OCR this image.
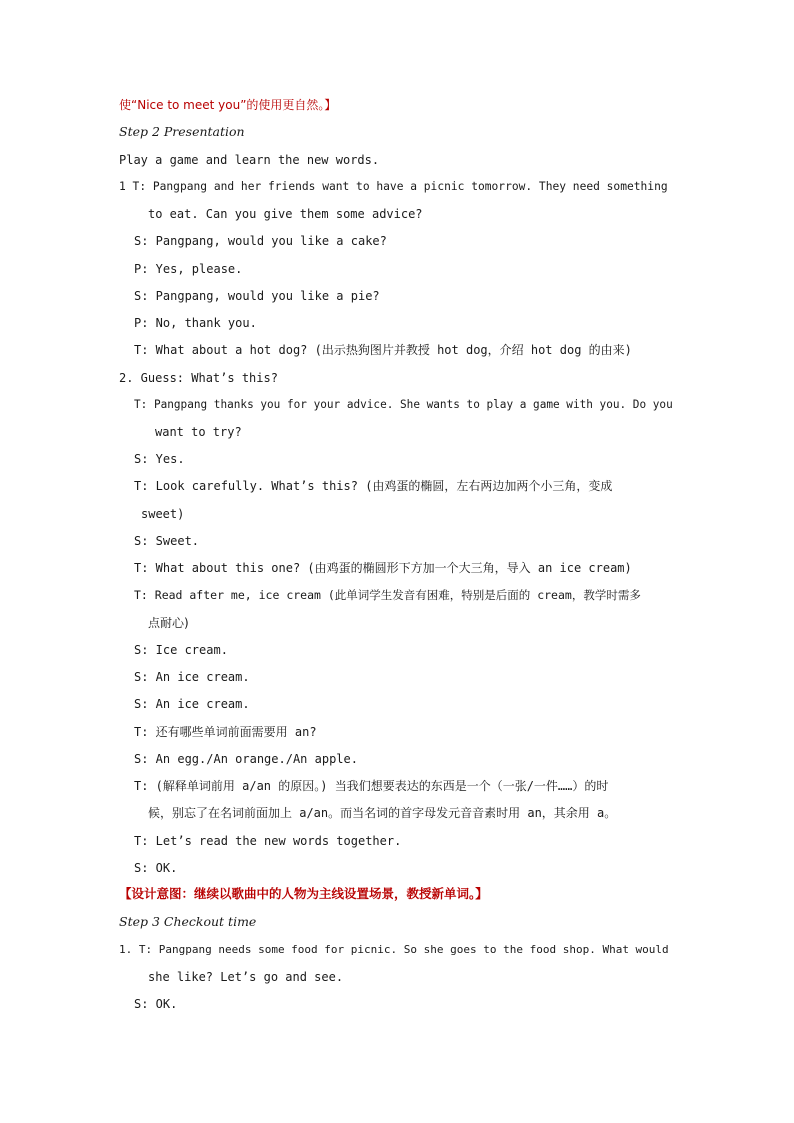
使“Nice to meet you”的使用更自然。】
Step 2 Presentation
Play a game and learn the new words.
1 T: Pangpang and her friends want to have a picnic tomorrow. They need something
to eat. Can you give them some advice?
S: Pangpang, would you like a cake?
P: Yes, please.
S: Pangpang, would you like a pie?
P: No, thank you.
T: What about a hot dog? (出示热狗图片并教授 hot dog，介绍 hot dog 的由来)
2. Guess: What’s this?
T: Pangpang thanks you for your advice. She wants to play a game with you. Do you
want to try?
S: Yes.
T: Look carefully. What’s this? (由鸡蛋的椭圆，左右两边加两个小三角，变成
sweet)
S: Sweet.
T: What about this one? (由鸡蛋的椭圆形下方加一个大三角，导入 an ice cream)
T: Read after me, ice cream (此单词学生发音有困难，特别是后面的 cream，教学时需多
点耐心)
S: Ice cream.
S: An ice cream.
S: An ice cream.
T: 还有哪些单词前面需要用 an?
S: An egg./An orange./An apple.
T: (解释单词前用 a/an 的原因。) 当我们想要表达的东西是一个（一张/一件……）的时
候，别忘了在名词前面加上 a/an。而当名词的首字母发元音音素时用 an，其余用 a。
T: Let’s read the new words together.
S: OK.
【设计意图：继续以歌曲中的人物为主线设置场景，教授新单词。】
Step 3 Checkout time
1. T: Pangpang needs some food for picnic. So she goes to the food shop. What would
she like? Let’s go and see.
S: OK.
